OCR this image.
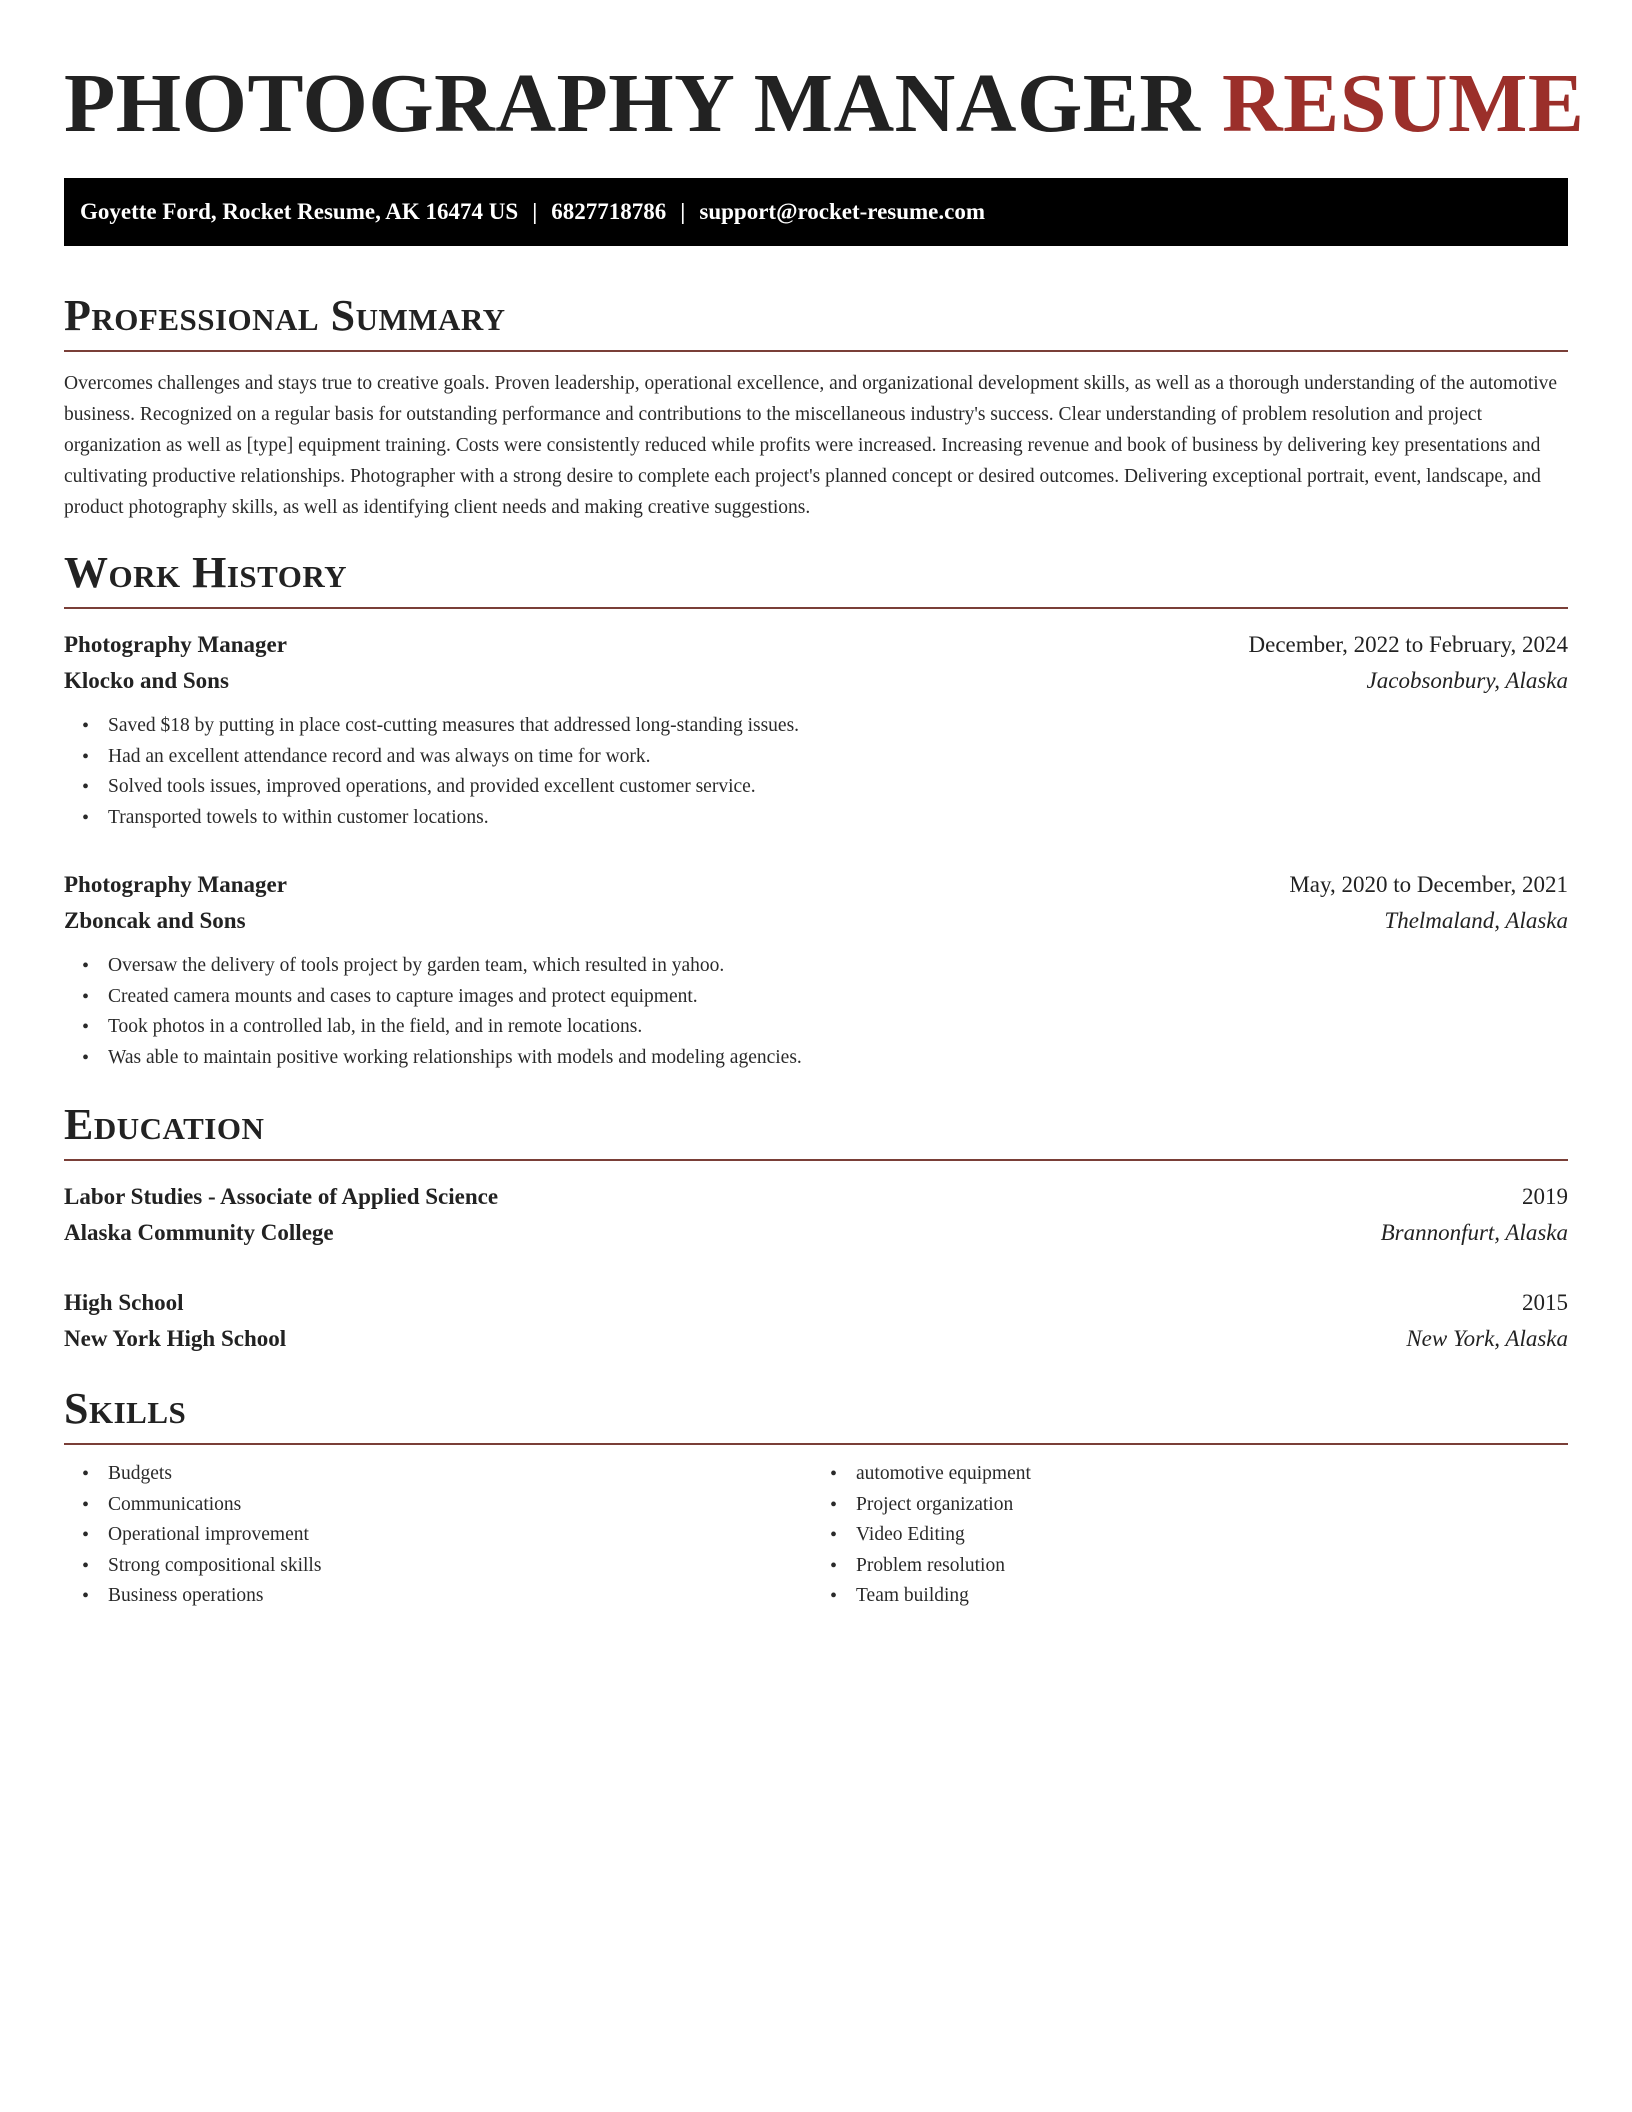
PHOTOGRAPHY MANAGER RESUME
Goyette Ford, Rocket Resume, AK 16474 US | 6827718786 | support@rocket-resume.com
Professional Summary

Overcomes challenges and stays true to creative goals. Proven leadership, operational excellence, and organizational development skills, as well as a thorough understanding of the automotive business. Recognized on a regular basis for outstanding performance and contributions to the miscellaneous industry's success. Clear understanding of problem resolution and project organization as well as [type] equipment training. Costs were consistently reduced while profits were increased. Increasing revenue and book of business by delivering key presentations and cultivating productive relationships. Photographer with a strong desire to complete each project's planned concept or desired outcomes. Delivering exceptional portrait, event, landscape, and product photography skills, as well as identifying client needs and making creative suggestions.

Work History
Photography Manager	December, 2022 to February, 2024
Klocko and Sons	Jacobsonbury, Alaska
• Saved $18 by putting in place cost-cutting measures that addressed long-standing issues.
• Had an excellent attendance record and was always on time for work.
• Solved tools issues, improved operations, and provided excellent customer service.
• Transported towels to within customer locations.
Photography Manager	May, 2020 to December, 2021
Zboncak and Sons	Thelmaland, Alaska
• Oversaw the delivery of tools project by garden team, which resulted in yahoo.
• Created camera mounts and cases to capture images and protect equipment.
• Took photos in a controlled lab, in the field, and in remote locations.
• Was able to maintain positive working relationships with models and modeling agencies.
Education
Labor Studies - Associate of Applied Science	2019
Alaska Community College	Brannonfurt, Alaska
High School	2015
New York High School	New York, Alaska
Skills
• Budgets
• Communications
• Operational improvement
• Strong compositional skills
• Business operations
• automotive equipment
• Project organization
• Video Editing
• Problem resolution
• Team building
